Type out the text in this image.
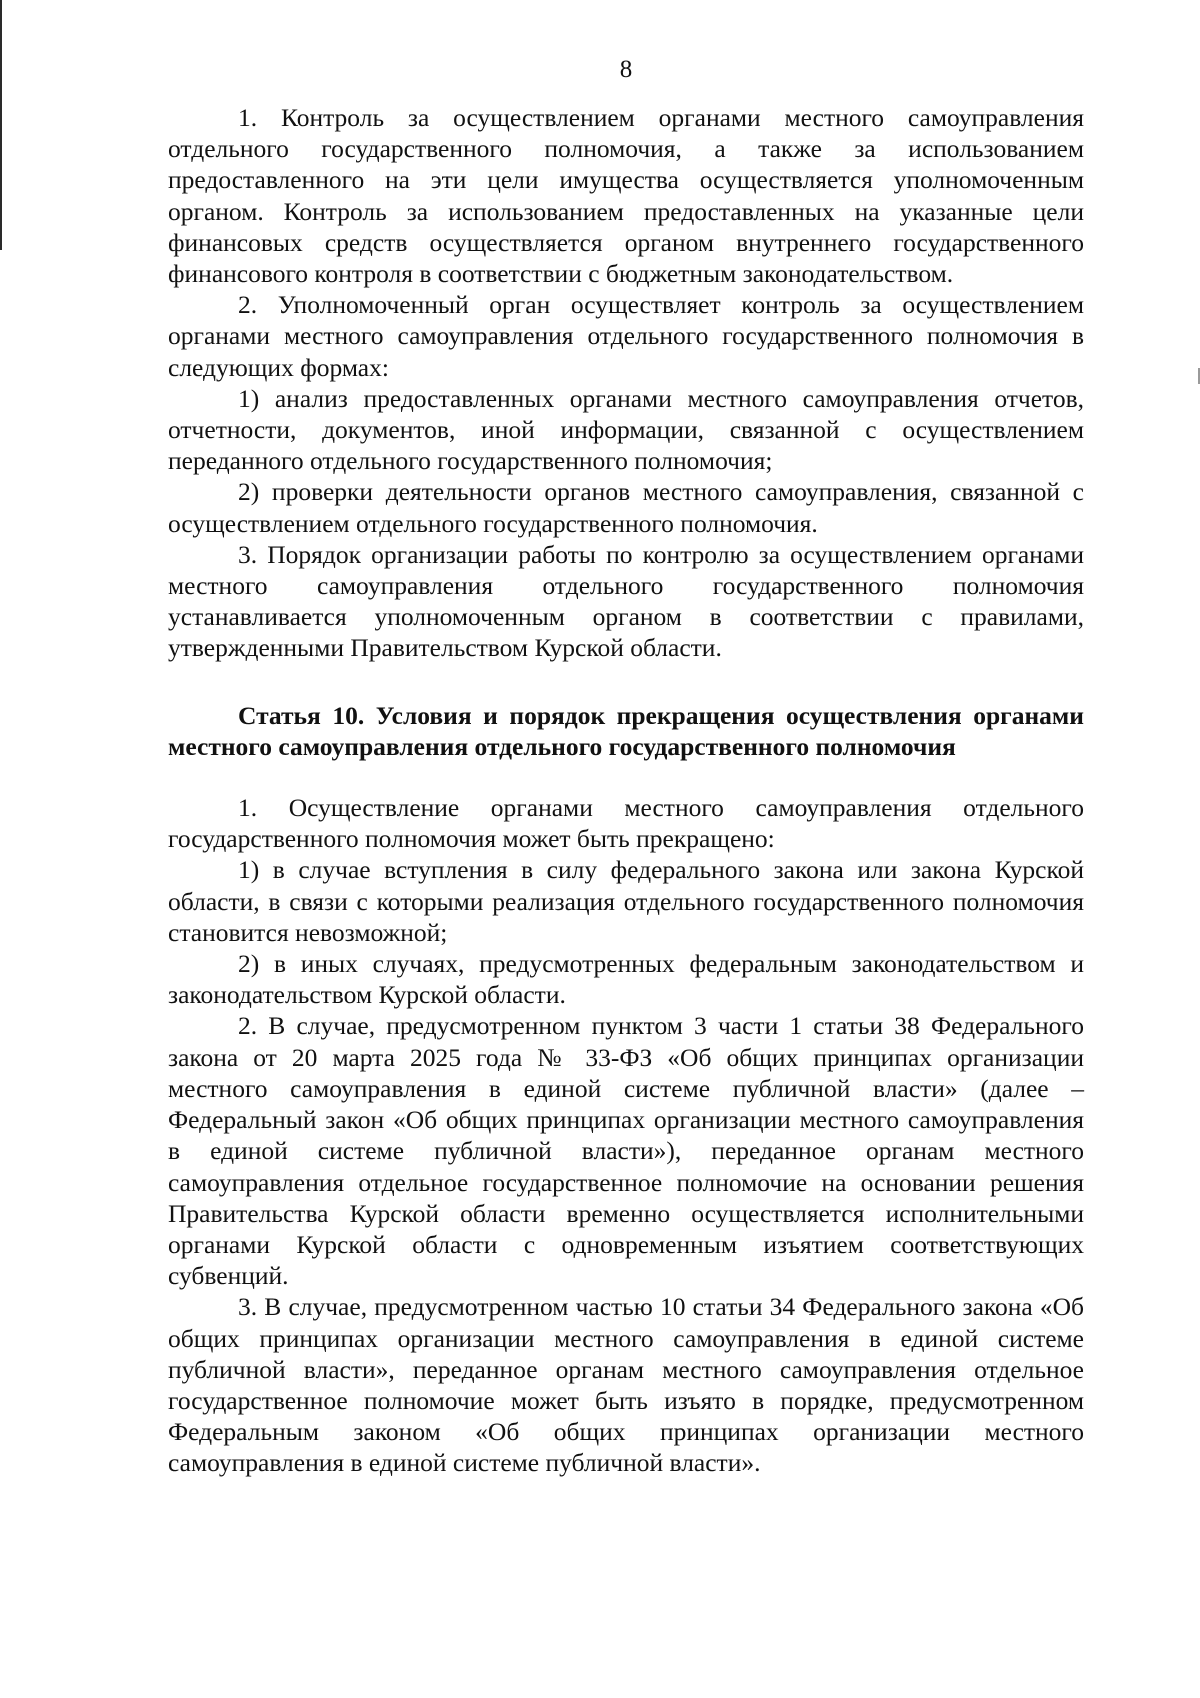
8

1. Контроль за осуществлением органами местного самоуправления отдельного государственного полномочия, а также за использованием предоставленного на эти цели имущества осуществляется уполномоченным органом. Контроль за использованием предоставленных на указанные цели финансовых средств осуществляется органом внутреннего государственного финансового контроля в соответствии с бюджетным законодательством.

2. Уполномоченный орган осуществляет контроль за осуществлением органами местного самоуправления отдельного государственного полномочия в следующих формах:

1) анализ предоставленных органами местного самоуправления отчетов, отчетности, документов, иной информации, связанной с осуществлением переданного отдельного государственного полномочия;

2) проверки деятельности органов местного самоуправления, связанной с осуществлением отдельного государственного полномочия.

3. Порядок организации работы по контролю за осуществлением органами местного самоуправления отдельного государственного полномочия устанавливается уполномоченным органом в соответствии с правилами, утвержденными Правительством Курской области.

Статья 10. Условия и порядок прекращения осуществления органами местного самоуправления отдельного государственного полномочия

1. Осуществление органами местного самоуправления отдельного государственного полномочия может быть прекращено:

1) в случае вступления в силу федерального закона или закона Курской области, в связи с которыми реализация отдельного государственного полномочия становится невозможной;

2) в иных случаях, предусмотренных федеральным законодательством и законодательством Курской области.

2. В случае, предусмотренном пунктом 3 части 1 статьи 38 Федерального закона от 20 марта 2025 года № 33-ФЗ «Об общих принципах организации местного самоуправления в единой системе публичной власти» (далее – Федеральный закон «Об общих принципах организации местного самоуправления в единой системе публичной власти»), переданное органам местного самоуправления отдельное государственное полномочие на основании решения Правительства Курской области временно осуществляется исполнительными органами Курской области с одновременным изъятием соответствующих субвенций.

3. В случае, предусмотренном частью 10 статьи 34 Федерального закона «Об общих принципах организации местного самоуправления в единой системе публичной власти», переданное органам местного самоуправления отдельное государственное полномочие может быть изъято в порядке, предусмотренном Федеральным законом «Об общих принципах организации местного самоуправления в единой системе публичной власти».
